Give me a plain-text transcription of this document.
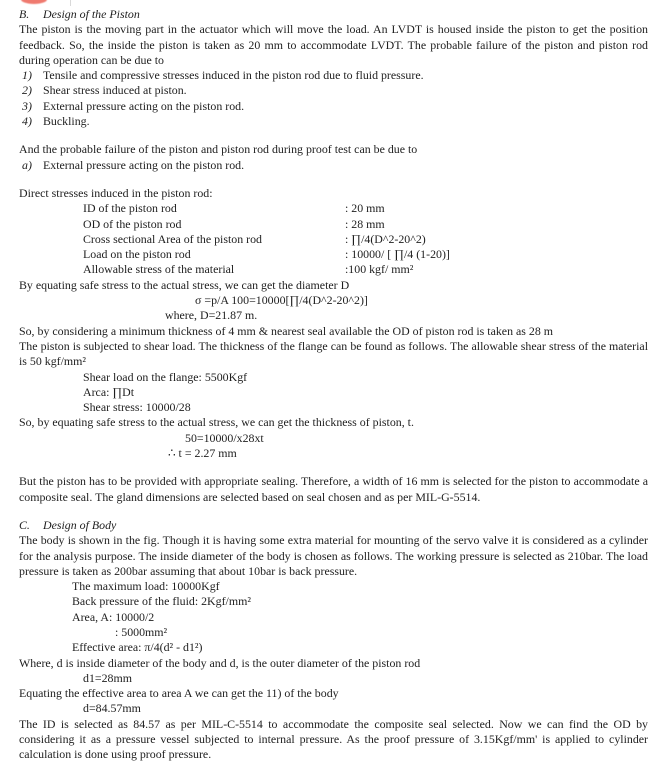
B.	Design of the Piston
The piston is the moving part in the actuator which will move the load. An LVDT is housed inside the piston to get the position
feedback. So, the inside the piston is taken as 20 mm to accommodate LVDT. The probable failure of the piston and piston rod
during operation can be due to
1) Tensile and compressive stresses induced in the piston rod due to fluid pressure.
2) Shear stress induced at piston.
3) External pressure acting on the piston rod.
4) Buckling.
And the probable failure of the piston and piston rod during proof test can be due to
a) External pressure acting on the piston rod.
Direct stresses induced in the piston rod:
ID of the piston rod	: 20 mm
OD of the piston rod	: 28 mm
Cross sectional Area of the piston rod	: ∏/4(D^2-20^2)
Load on the piston rod	: 10000/ [ ∏/4 (1-20)]
Allowable stress of the material	:100 kgf/ mm²
By equating safe stress to the actual stress, we can get the diameter D
σ =p/A 100=10000[∏/4(D^2-20^2)]
where, D=21.87 m.
So, by considering a minimum thickness of 4 mm & nearest seal available the OD of piston rod is taken as 28 m
The piston is subjected to shear load. The thickness of the flange can be found as follows. The allowable shear stress of the material
is 50 kgf/mm²
Shear load on the flange: 5500Kgf
Arca: ∏Dt
Shear stress: 10000/28
So, by equating safe stress to the actual stress, we can get the thickness of piston, t.
50=10000/x28xt
∴ t = 2.27 mm
But the piston has to be provided with appropriate sealing. Therefore, a width of 16 mm is selected for the piston to accommodate a
composite seal. The gland dimensions are selected based on seal chosen and as per MIL-G-5514.
C.	Design of Body
The body is shown in the fig. Though it is having some extra material for mounting of the servo valve it is considered as a cylinder
for the analysis purpose. The inside diameter of the body is chosen as follows. The working pressure is selected as 210bar. The load
pressure is taken as 200bar assuming that about 10bar is back pressure.
The maximum load: 10000Kgf
Back pressure of the fluid: 2Kgf/mm²
Area, A: 10000/2
: 5000mm²
Effective area: π/4(d² - d1²)
Where, d is inside diameter of the body and d, is the outer diameter of the piston rod
d1=28mm
Equating the effective area to area A we can get the 11) of the body
d=84.57mm
The ID is selected as 84.57 as per MIL-C-5514 to accommodate the composite seal selected. Now we can find the OD by
considering it as a pressure vessel subjected to internal pressure. As the proof pressure of 3.15Kgf/mm' is applied to cylinder
calculation is done using proof pressure.
